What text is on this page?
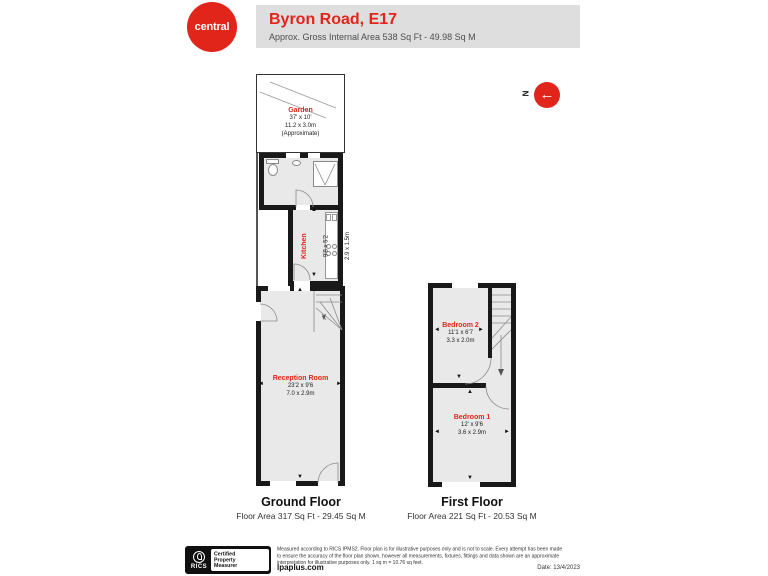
central Byron Road, E17
Approx. Gross Internal Area 538 Sq Ft - 49.98 Sq M
N ←
Garden
37' x 10'
11.2 x 3.0m
(Approximate)
Kitchen	9'8 x 5'2	2.9 x 1.5m
Reception Room
23'2 x 9'6
7.0 x 2.9m
◄	►
▲
▼
▲
▼
Bedroom 2
11'1 x 6'7
3.3 x 2.0m
Bedroom 1
12' x 9'6
3.6 x 2.9m
◄	►
▼
◄	►
▲
▼
Ground Floor
Floor Area 317 Sq Ft - 29.45 Sq M
First Floor
Floor Area 221 Sq Ft - 20.53 Sq M
RICS
Certified Property Measurer
Measured according to RICS IPMS2. Floor plan is for illustrative purposes only and is not to scale. Every attempt has been made to ensure the accuracy of the floor plan shown, however all measurements, fixtures, fittings and data shown are an approximate interpretation for illustrative purposes only. 1 sq m = 10.76 sq feet.
lpaplus.com	Date: 13/4/2023
